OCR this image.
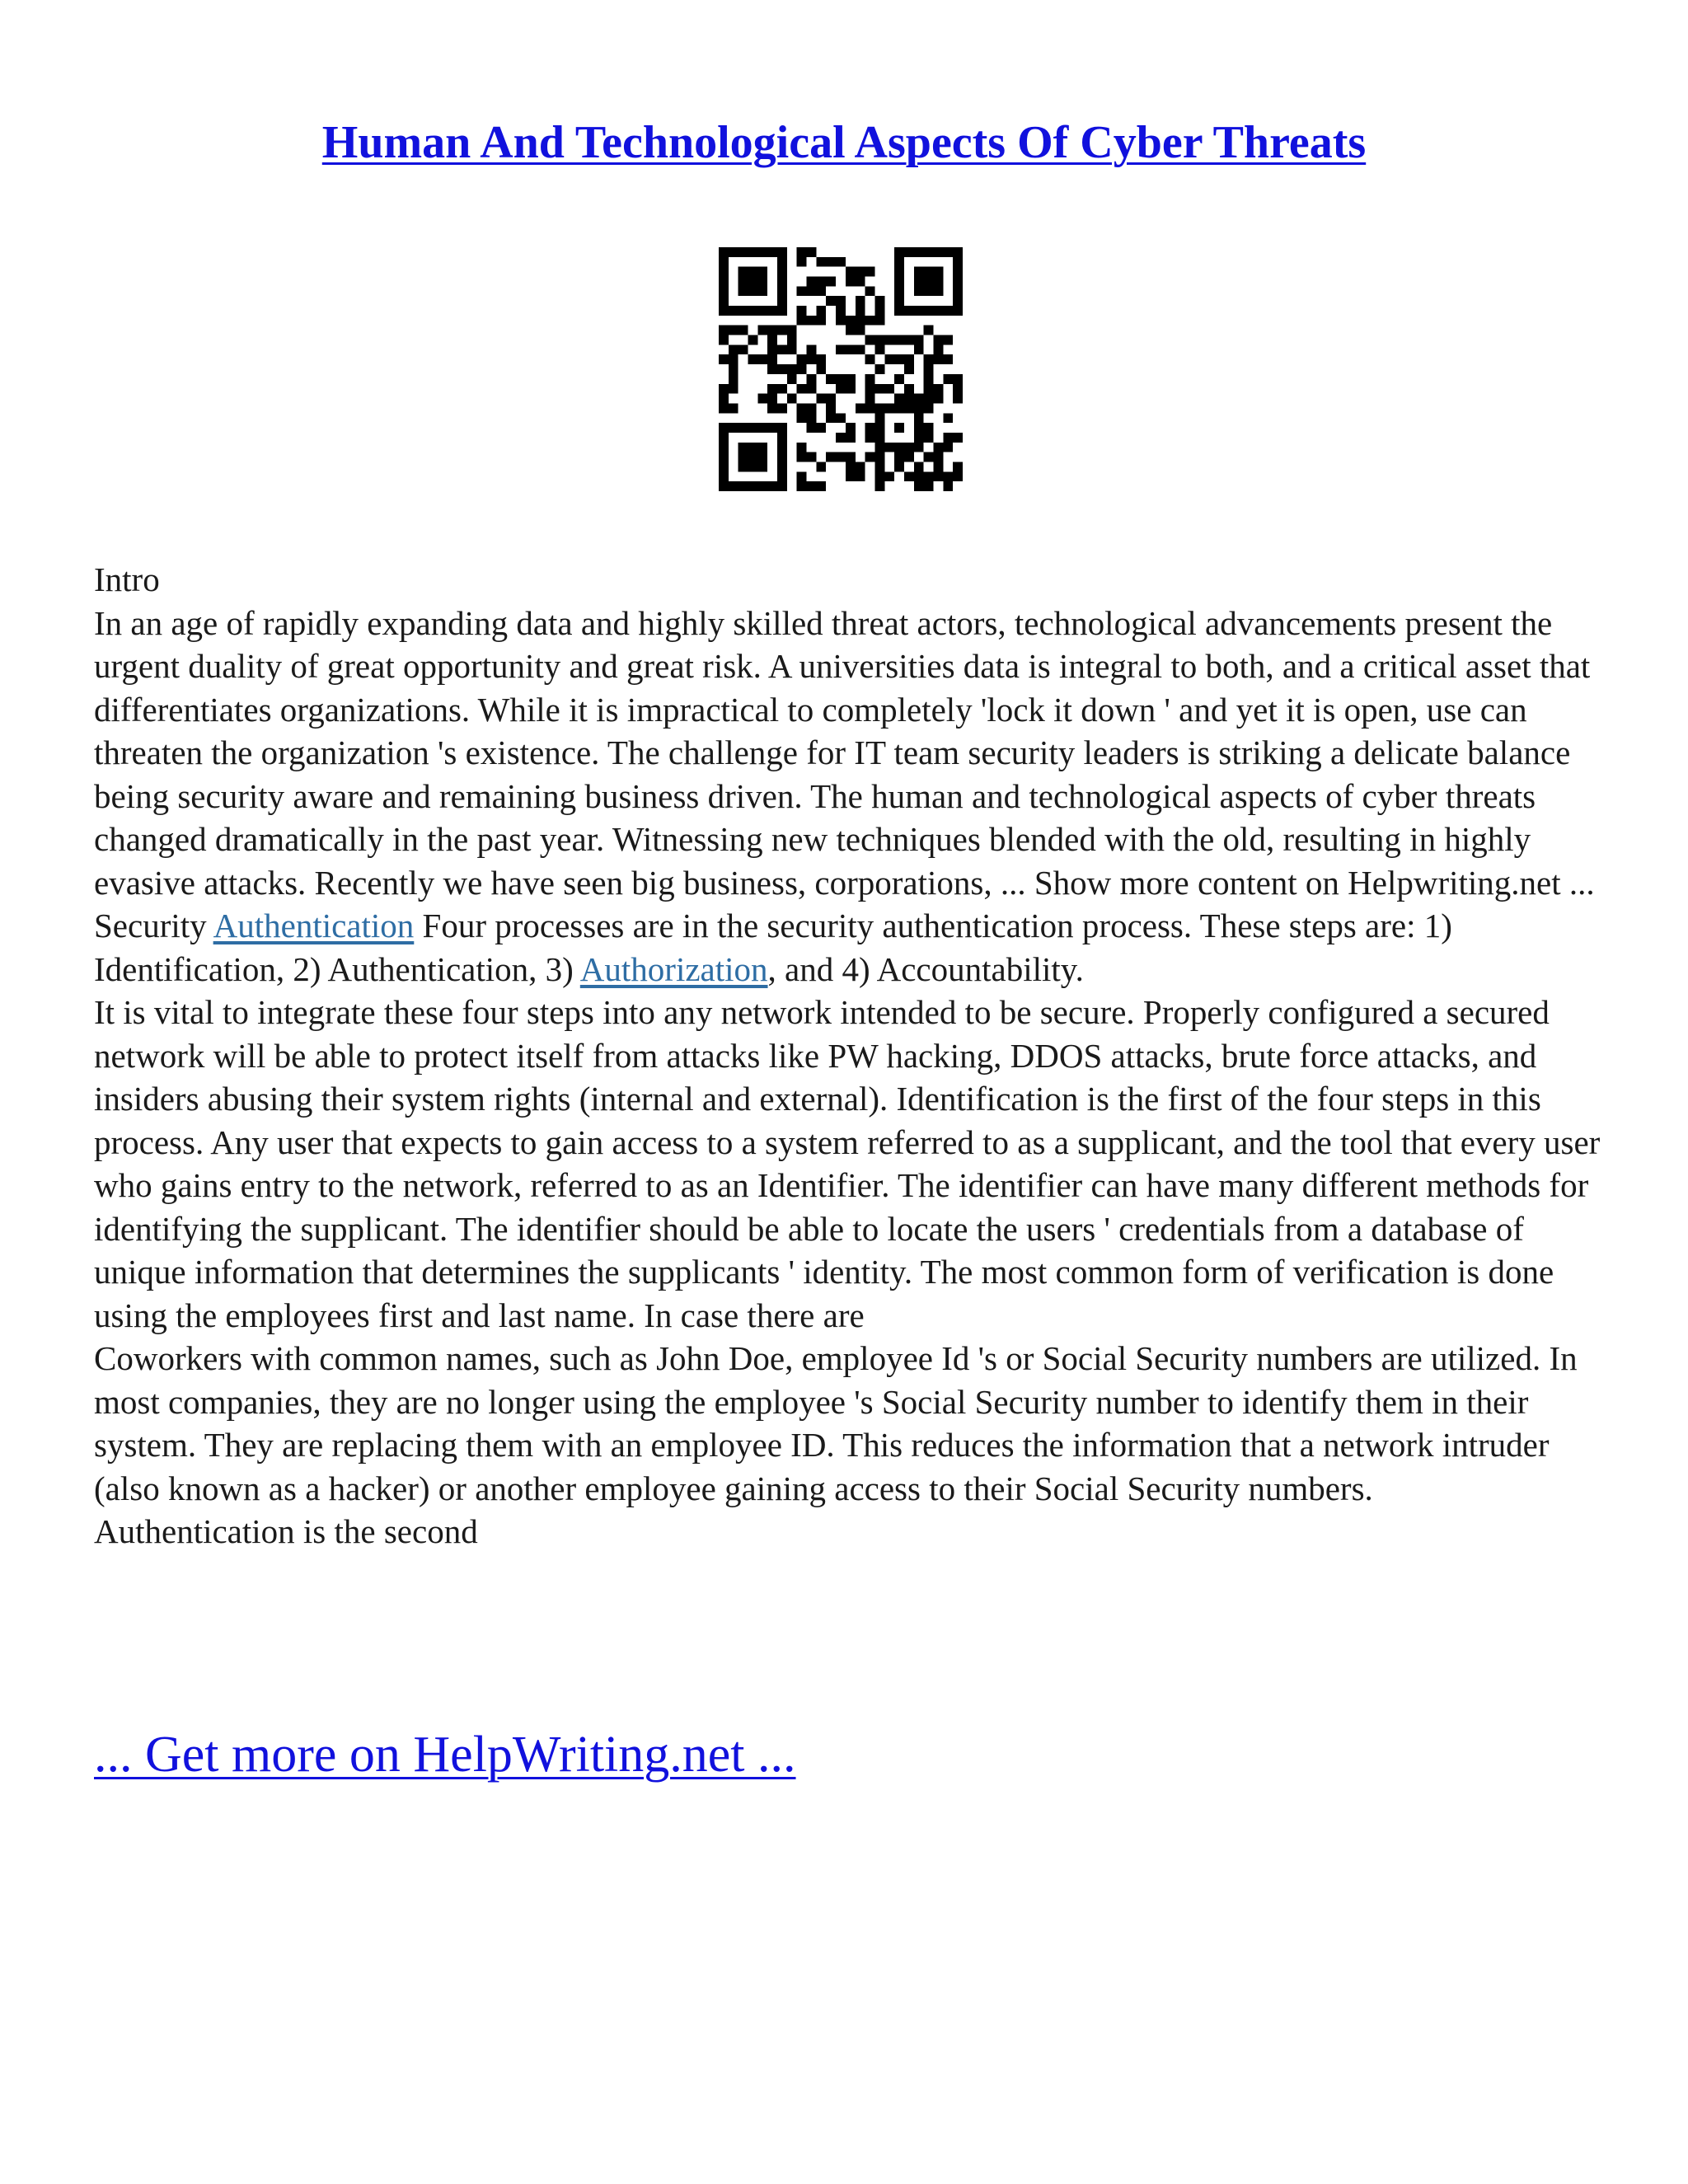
Human And Technological Aspects Of Cyber Threats

Intro

In an age of rapidly expanding data and highly skilled threat actors, technological advancements present the urgent duality of great opportunity and great risk. A universities data is integral to both, and a critical asset that differentiates organizations. While it is impractical to completely 'lock it down ' and yet it is open, use can threaten the organization 's existence. The challenge for IT team security leaders is striking a delicate balance being security aware and remaining business driven. The human and technological aspects of cyber threats changed dramatically in the past year. Witnessing new techniques blended with the old, resulting in highly evasive attacks. Recently we have seen big business, corporations, ... Show more content on Helpwriting.net ...

Security Authentication Four processes are in the security authentication process. These steps are: 1) Identification, 2) Authentication, 3) Authorization, and 4) Accountability.

It is vital to integrate these four steps into any network intended to be secure. Properly configured a secured network will be able to protect itself from attacks like PW hacking, DDOS attacks, brute force attacks, and insiders abusing their system rights (internal and external). Identification is the first of the four steps in this process. Any user that expects to gain access to a system referred to as a supplicant, and the tool that every user who gains entry to the network, referred to as an Identifier. The identifier can have many different methods for identifying the supplicant. The identifier should be able to locate the users ' credentials from a database of unique information that determines the supplicants ' identity. The most common form of verification is done using the employees first and last name. In case there are

Coworkers with common names, such as John Doe, employee Id 's or Social Security numbers are utilized. In most companies, they are no longer using the employee 's Social Security number to identify them in their system. They are replacing them with an employee ID. This reduces the information that a network intruder (also known as a hacker) or another employee gaining access to their Social Security numbers.

Authentication is the second

... Get more on HelpWriting.net ...
